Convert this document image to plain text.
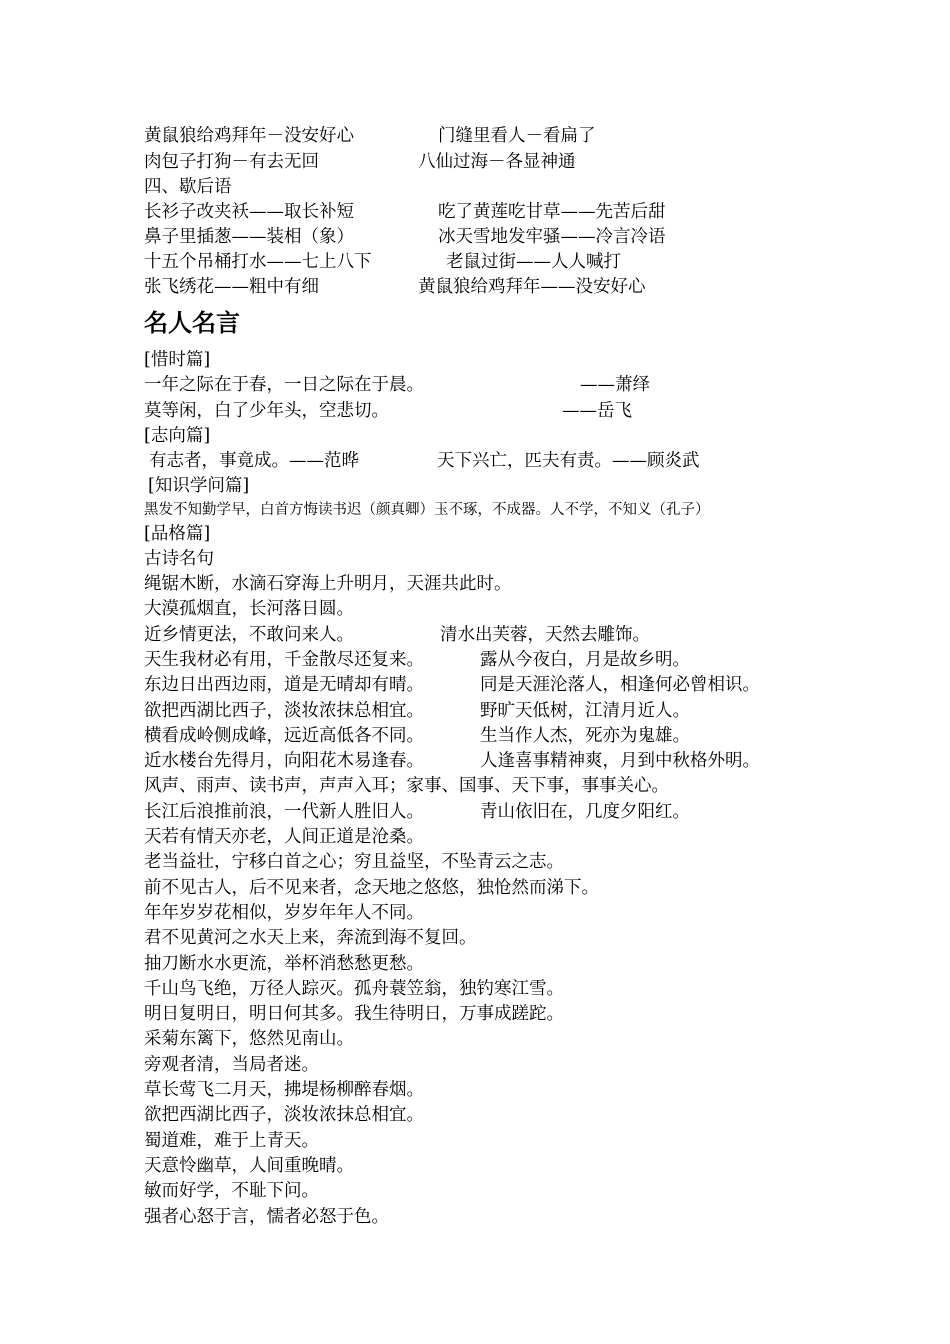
黄鼠狼给鸡拜年－没安好心	门缝里看人－看扁了
肉包子打狗－有去无回	八仙过海－各显神通
四、歇后语
长衫子改夹袄——取长补短	吃了黄莲吃甘草——先苦后甜
鼻子里插葱——装相（象）	冰天雪地发牢骚——冷言冷语
十五个吊桶打水——七上八下	老鼠过街——人人喊打
张飞绣花——粗中有细	黄鼠狼给鸡拜年——没安好心
名人名言
[惜时篇]
一年之际在于春，一日之际在于晨。	——萧绎
莫等闲，白了少年头，空悲切。	——岳飞
[志向篇]
有志者，事竟成。——范晔	天下兴亡，匹夫有责。——顾炎武
[知识学问篇]
黑发不知勤学早，白首方悔读书迟（颜真卿）玉不琢，不成器。人不学，不知义（孔子）
[品格篇]
古诗名句
绳锯木断，水滴石穿海上升明月，天涯共此时。
大漠孤烟直，长河落日圆。
近乡情更法，不敢问来人。	清水出芙蓉，天然去雕饰。
天生我材必有用，千金散尽还复来。	露从今夜白，月是故乡明。
东边日出西边雨，道是无晴却有晴。	同是天涯沦落人，相逢何必曾相识。
欲把西湖比西子，淡妆浓抹总相宜。	野旷天低树，江清月近人。
横看成岭侧成峰，远近高低各不同。	生当作人杰，死亦为鬼雄。
近水楼台先得月，向阳花木易逢春。	人逢喜事精神爽，月到中秋格外明。
风声、雨声、读书声，声声入耳；家事、国事、天下事，事事关心。
长江后浪推前浪，一代新人胜旧人。	青山依旧在，几度夕阳红。
天若有情天亦老，人间正道是沧桑。
老当益壮，宁移白首之心；穷且益坚，不坠青云之志。
前不见古人，后不见来者，念天地之悠悠，独怆然而涕下。
年年岁岁花相似，岁岁年年人不同。
君不见黄河之水天上来，奔流到海不复回。
抽刀断水水更流，举杯消愁愁更愁。
千山鸟飞绝，万径人踪灭。孤舟蓑笠翁，独钓寒江雪。
明日复明日，明日何其多。我生待明日，万事成蹉跎。
采菊东篱下，悠然见南山。
旁观者清，当局者迷。
草长莺飞二月天，拂堤杨柳醉春烟。
欲把西湖比西子，淡妆浓抹总相宜。
蜀道难，难于上青天。
天意怜幽草，人间重晚晴。
敏而好学，不耻下问。
强者心怒于言，懦者必怒于色。
